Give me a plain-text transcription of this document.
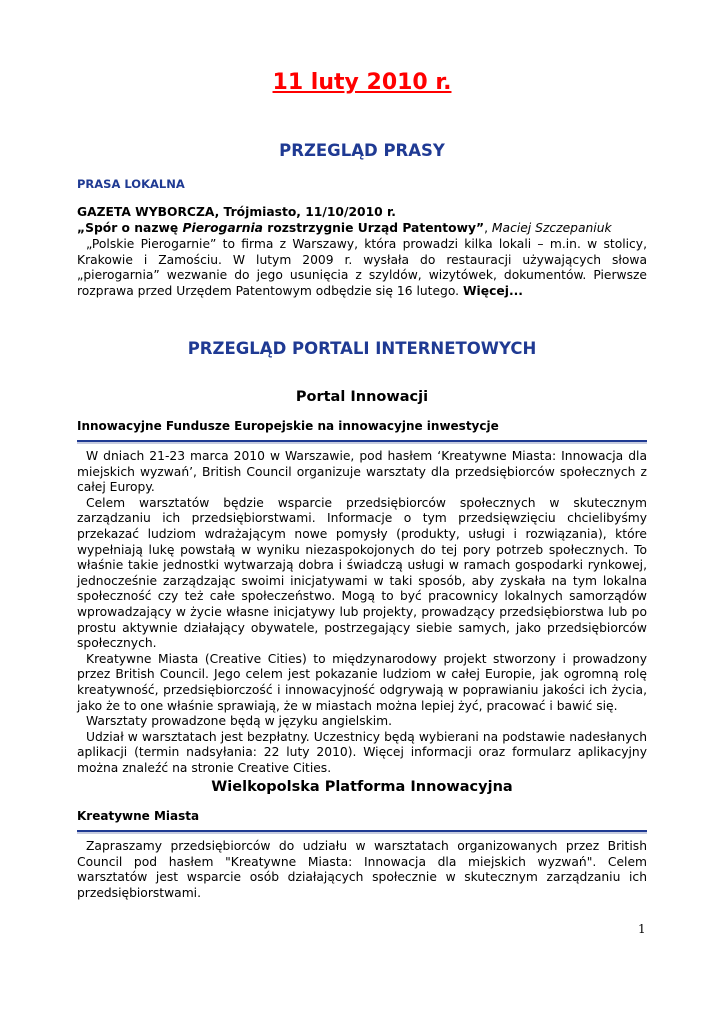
11 luty 2010 r.
PRZEGLĄD PRASY
PRASA LOKALNA
GAZETA WYBORCZA, Trójmiasto, 11/10/2010 r.
„Spór o nazwę Pierogarnia rozstrzygnie Urząd Patentowy”, Maciej Szczepaniuk

„Polskie Pierogarnie” to firma z Warszawy, która prowadzi kilka lokali – m.in. w stolicy, Krakowie i Zamościu. W lutym 2009 r. wysłała do restauracji używających słowa „pierogarnia” wezwanie do jego usunięcia z szyldów, wizytówek, dokumentów. Pierwsze rozprawa przed Urzędem Patentowym odbędzie się 16 lutego. Więcej...

PRZEGLĄD PORTALI INTERNETOWYCH
Portal Innowacji
Innowacyjne Fundusze Europejskie na innowacyjne inwestycje

W dniach 21-23 marca 2010 w Warszawie, pod hasłem ‘Kreatywne Miasta: Innowacja dla miejskich wyzwań’, British Council organizuje warsztaty dla przedsiębiorców społecznych z całej Europy.

Celem warsztatów będzie wsparcie przedsiębiorców społecznych w skutecznym zarządzaniu ich przedsiębiorstwami. Informacje o tym przedsięwzięciu chcielibyśmy przekazać ludziom wdrażającym nowe pomysły (produkty, usługi i rozwiązania), które wypełniają lukę powstałą w wyniku niezaspokojonych do tej pory potrzeb społecznych. To właśnie takie jednostki wytwarzają dobra i świadczą usługi w ramach gospodarki rynkowej, jednocześnie zarządzając swoimi inicjatywami w taki sposób, aby zyskała na tym lokalna społeczność czy też całe społeczeństwo. Mogą to być pracownicy lokalnych samorządów wprowadzający w życie własne inicjatywy lub projekty, prowadzący przedsiębiorstwa lub po prostu aktywnie działający obywatele, postrzegający siebie samych, jako przedsiębiorców społecznych.

Kreatywne Miasta (Creative Cities) to międzynarodowy projekt stworzony i prowadzony przez British Council. Jego celem jest pokazanie ludziom w całej Europie, jak ogromną rolę kreatywność, przedsiębiorczość i innowacyjność odgrywają w poprawianiu jakości ich życia, jako że to one właśnie sprawiają, że w miastach można lepiej żyć, pracować i bawić się.

Warsztaty prowadzone będą w języku angielskim.

Udział w warsztatach jest bezpłatny. Uczestnicy będą wybierani na podstawie nadesłanych aplikacji (termin nadsyłania: 22 luty 2010). Więcej informacji oraz formularz aplikacyjny można znaleźć na stronie Creative Cities.

Wielkopolska Platforma Innowacyjna
Kreatywne Miasta

Zapraszamy przedsiębiorców do udziału w warsztatach organizowanych przez British Council pod hasłem "Kreatywne Miasta: Innowacja dla miejskich wyzwań". Celem warsztatów jest wsparcie osób działających społecznie w skutecznym zarządzaniu ich przedsiębiorstwami.

1
